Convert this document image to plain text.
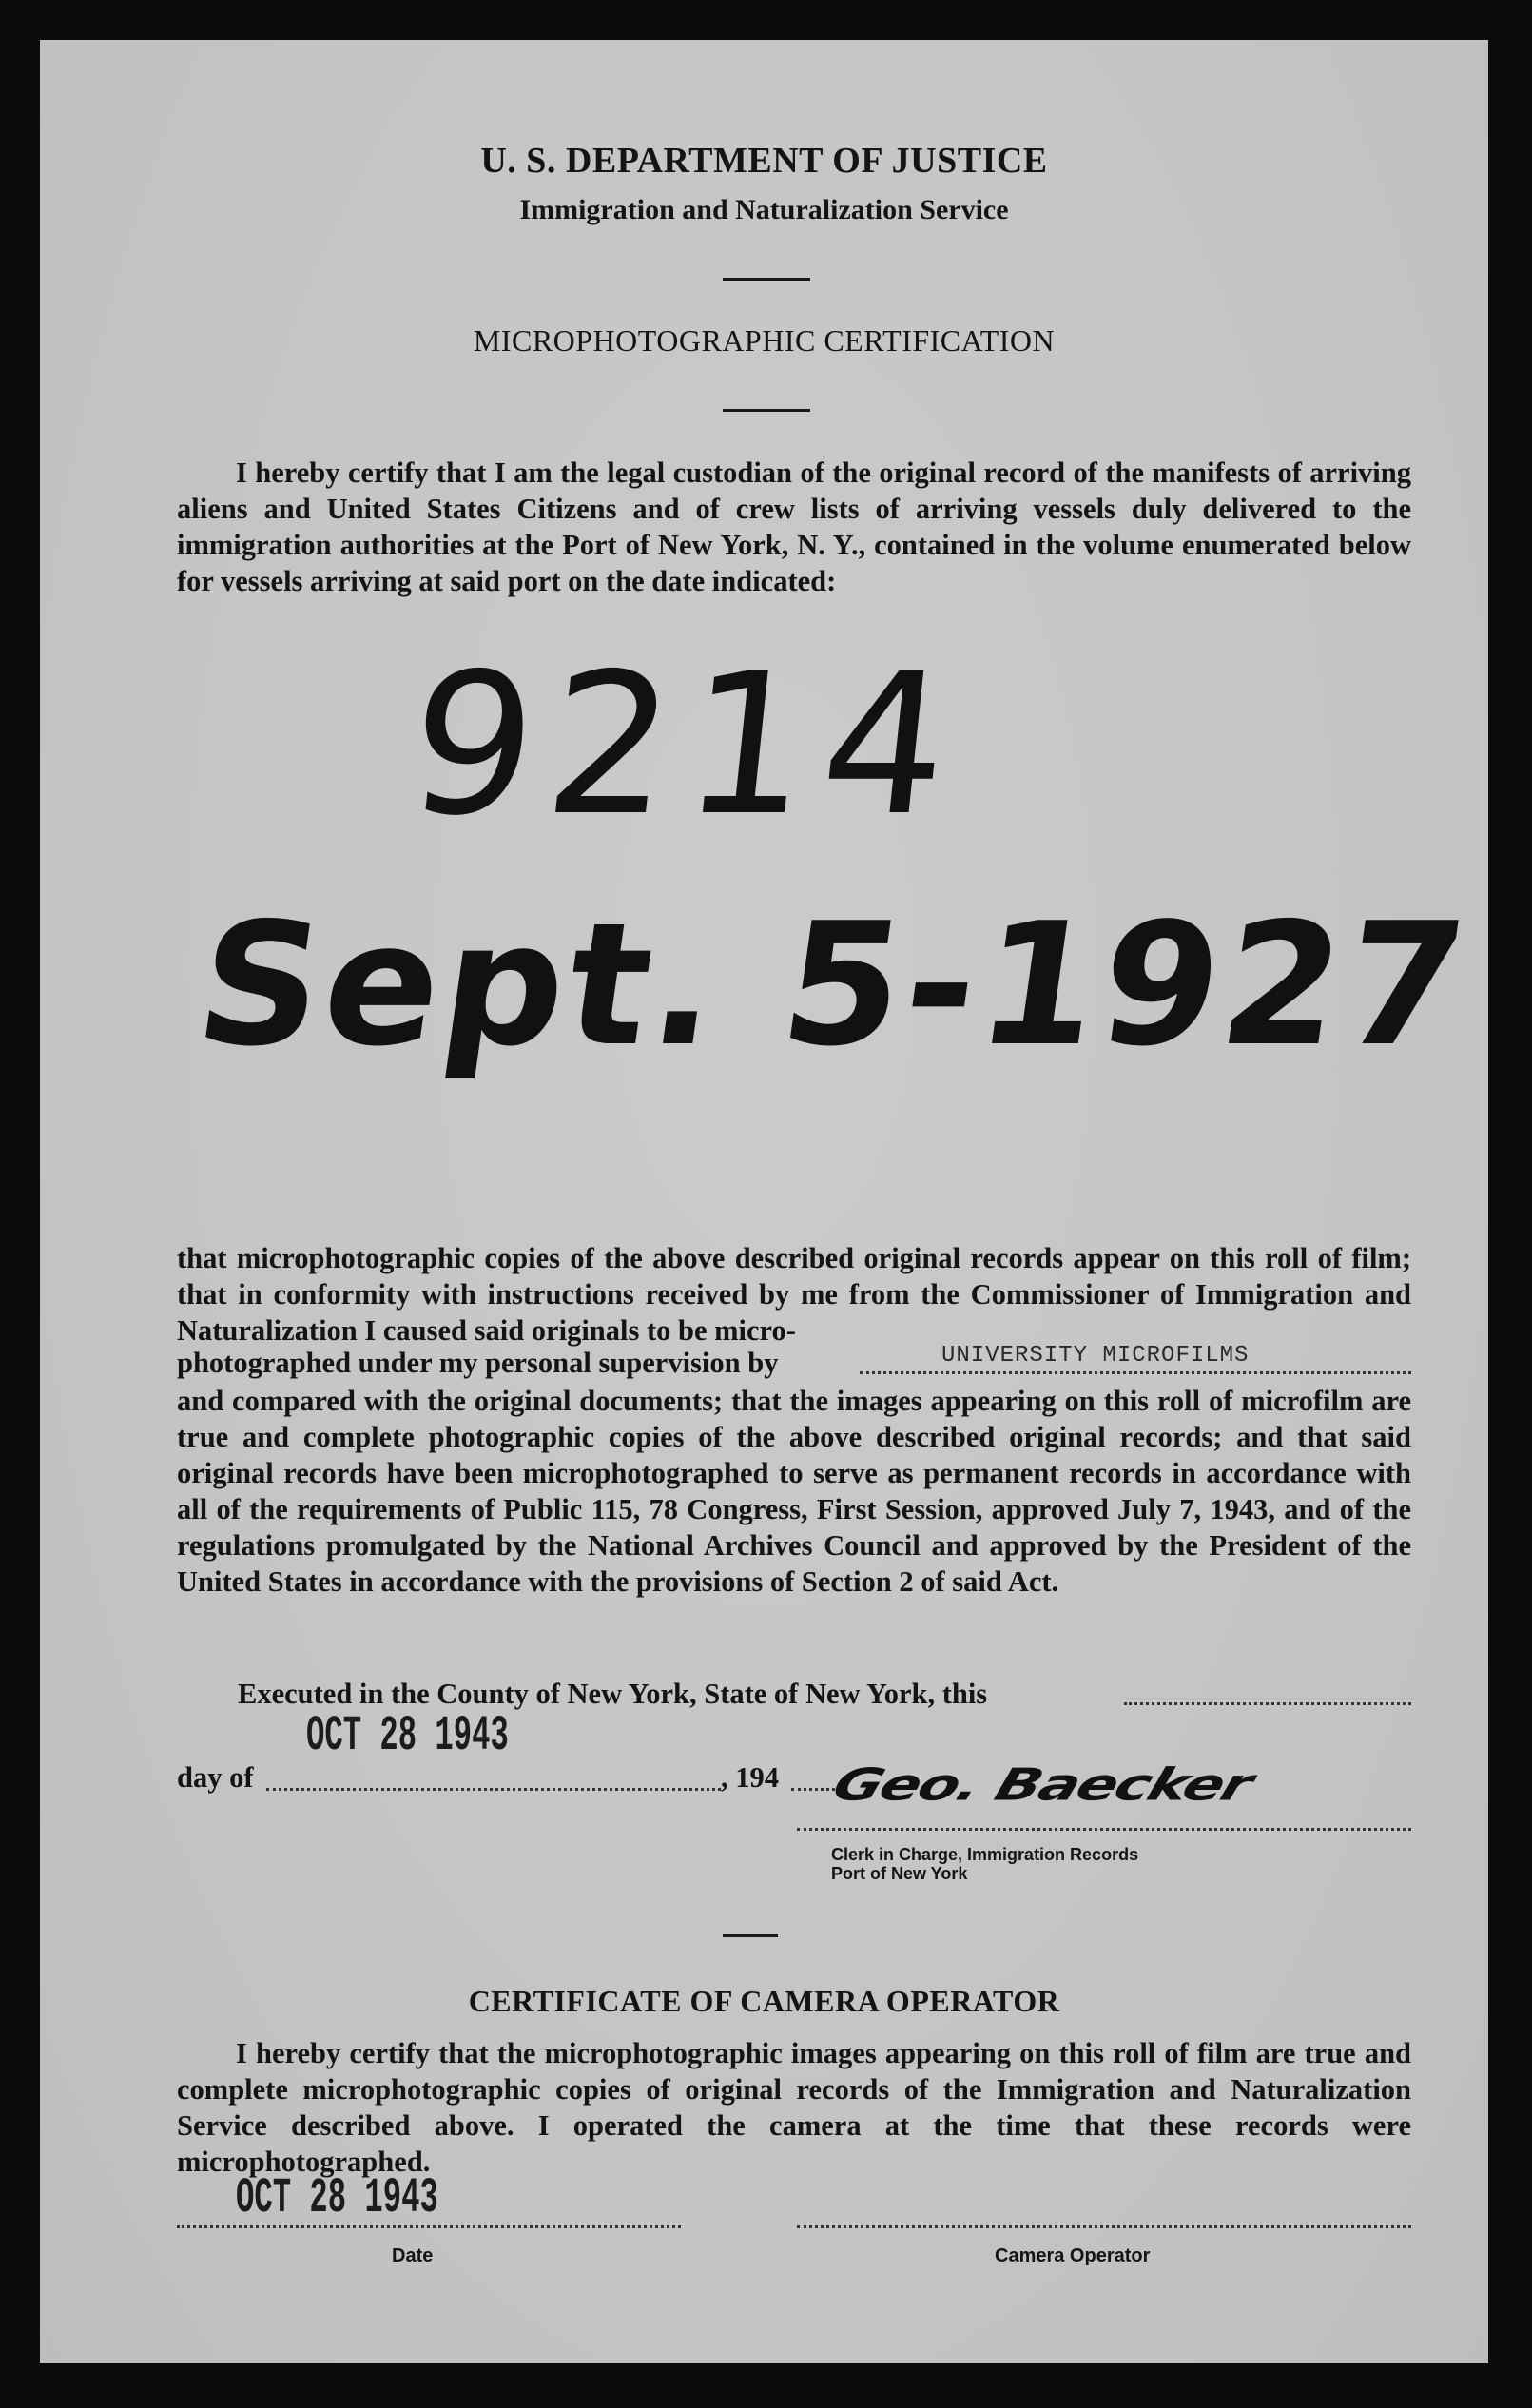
U. S. DEPARTMENT OF JUSTICE
Immigration and Naturalization Service
MICROPHOTOGRAPHIC CERTIFICATION
I hereby certify that I am the legal custodian of the original record of the manifests of arriving aliens and United States Citizens and of crew lists of arriving vessels duly delivered to the immigration authorities at the Port of New York, N. Y., contained in the volume enumerated below for vessels arriving at said port on the date indicated:
9214
Sept. 5-1927
that microphotographic copies of the above described original records appear on this roll of film; that in conformity with instructions received by me from the Commissioner of Immigration and Naturalization I caused said originals to be micro-
photographed under my personal supervision by	UNIVERSITY MICROFILMS
and compared with the original documents; that the images appearing on this roll of microfilm are true and complete photographic copies of the above described original records; and that said original records have been microphotographed to serve as permanent records in accordance with all of the requirements of Public 115, 78 Congress, First Session, approved July 7, 1943, and of the regulations promulgated by the National Archives Council and approved by the President of the United States in accordance with the provisions of Section 2 of said Act.
Executed in the County of New York, State of New York, this
day of
OCT 28 1943
, 194 Geo. Baecker
Clerk in Charge, Immigration Records
Port of New York
CERTIFICATE OF CAMERA OPERATOR
I hereby certify that the microphotographic images appearing on this roll of film are true and complete microphotographic copies of original records of the Immigration and Naturalization Service described above. I operated the camera at the time that these records were microphotographed.
OCT 28 1943
Date	Camera Operator
